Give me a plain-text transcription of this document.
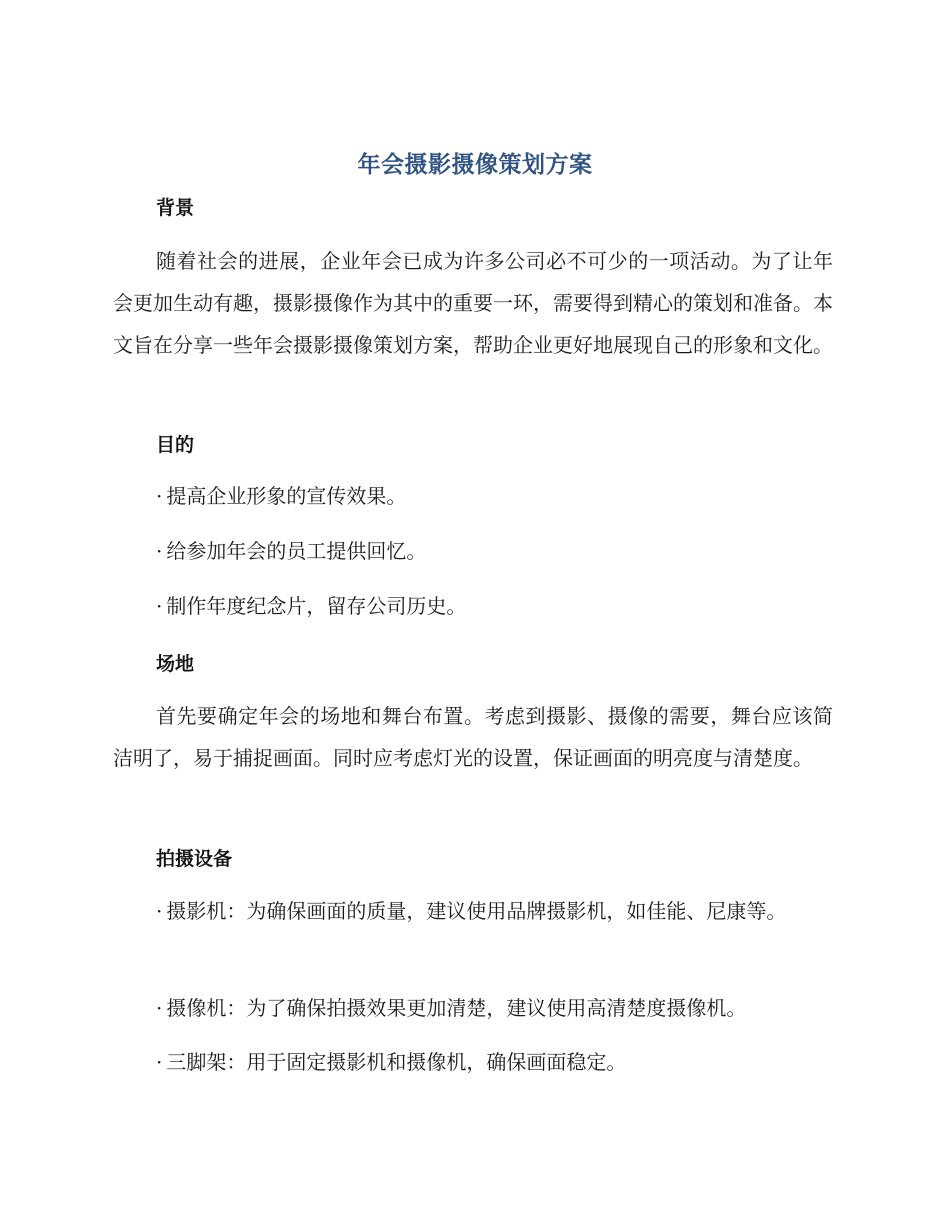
年会摄影摄像策划方案
背景
随着社会的进展，企业年会已成为许多公司必不可少的一项活动。为了让年会更加生动有趣，摄影摄像作为其中的重要一环，需要得到精心的策划和准备。本文旨在分享一些年会摄影摄像策划方案，帮助企业更好地展现自己的形象和文化。
目的
· 提高企业形象的宣传效果。
· 给参加年会的员工提供回忆。
· 制作年度纪念片，留存公司历史。
场地
首先要确定年会的场地和舞台布置。考虑到摄影、摄像的需要，舞台应该简洁明了，易于捕捉画面。同时应考虑灯光的设置，保证画面的明亮度与清楚度。
拍摄设备
· 摄影机：为确保画面的质量，建议使用品牌摄影机，如佳能、尼康等。
· 摄像机：为了确保拍摄效果更加清楚，建议使用高清楚度摄像机。
· 三脚架：用于固定摄影机和摄像机，确保画面稳定。
